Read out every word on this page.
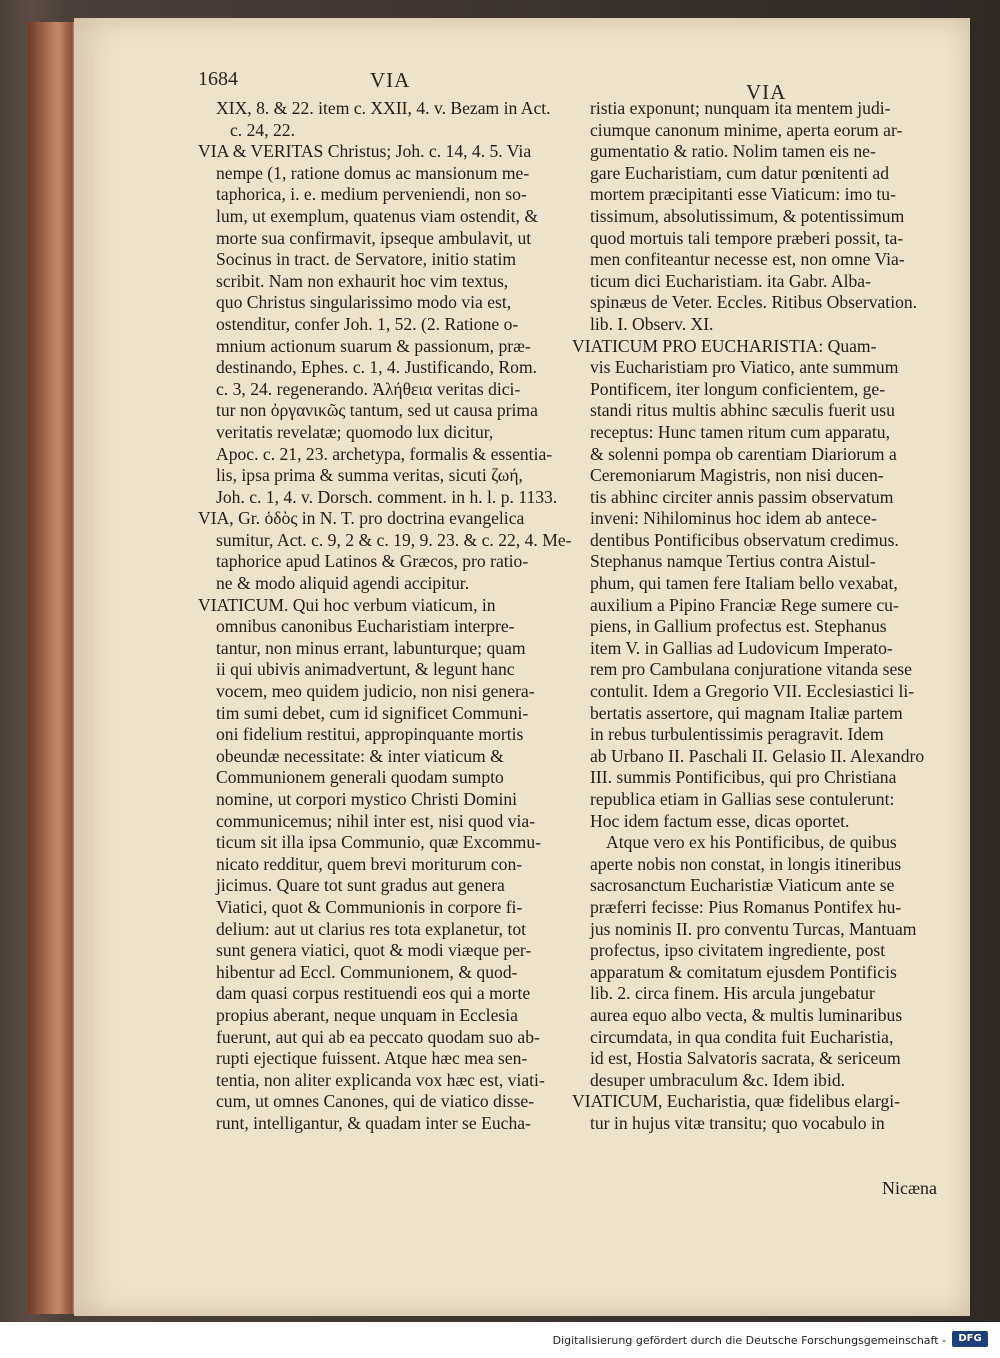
1684	VIA	VIA
XIX, 8. & 22. item c. XXII, 4. v. Bezam in Act.
c. 24, 22.
VIA & VERITAS Christus; Joh. c. 14, 4. 5. Via
nempe (1, ratione domus ac mansionum me-
taphorica, i. e. medium perveniendi, non so-
lum, ut exemplum, quatenus viam ostendit, &
morte sua confirmavit, ipseque ambulavit, ut
Socinus in tract. de Servatore, initio statim
scribit. Nam non exhaurit hoc vim textus,
quo Christus singularissimo modo via est,
ostenditur, confer Joh. 1, 52. (2. Ratione o-
mnium actionum suarum & passionum, præ-
destinando, Ephes. c. 1, 4. Justificando, Rom.
c. 3, 24. regenerando. Ἀλήθεια veritas dici-
tur non ὀργανικῶς tantum, sed ut causa prima
veritatis revelatæ; quomodo lux dicitur,
Apoc. c. 21, 23. archetypa, formalis & essentia-
lis, ipsa prima & summa veritas, sicuti ζωή,
Joh. c. 1, 4. v. Dorsch. comment. in h. l. p. 1133.
VIA, Gr. ὁδὸς in N. T. pro doctrina evangelica
sumitur, Act. c. 9, 2 & c. 19, 9. 23. & c. 22, 4. Me-
taphorice apud Latinos & Græcos, pro ratio-
ne & modo aliquid agendi accipitur.
VIATICUM. Qui hoc verbum viaticum, in
omnibus canonibus Eucharistiam interpre-
tantur, non minus errant, labunturque; quam
ii qui ubivis animadvertunt, & legunt hanc
vocem, meo quidem judicio, non nisi genera-
tim sumi debet, cum id significet Communi-
oni fidelium restitui, appropinquante mortis
obeundæ necessitate: & inter viaticum &
Communionem generali quodam sumpto
nomine, ut corpori mystico Christi Domini
communicemus; nihil inter est, nisi quod via-
ticum sit illa ipsa Communio, quæ Excommu-
nicato redditur, quem brevi moriturum con-
jicimus. Quare tot sunt gradus aut genera
Viatici, quot & Communionis in corpore fi-
delium: aut ut clarius res tota explanetur, tot
sunt genera viatici, quot & modi viæque per-
hibentur ad Eccl. Communionem, & quod-
dam quasi corpus restituendi eos qui a morte
propius aberant, neque unquam in Ecclesia
fuerunt, aut qui ab ea peccato quodam suo ab-
rupti ejectique fuissent. Atque hæc mea sen-
tentia, non aliter explicanda vox hæc est, viati-
cum, ut omnes Canones, qui de viatico disse-
runt, intelligantur, & quadam inter se Eucha-
ristia exponunt; nunquam ita mentem judi-
ciumque canonum minime, aperta eorum ar-
gumentatio & ratio. Nolim tamen eis ne-
gare Eucharistiam, cum datur pœnitenti ad
mortem præcipitanti esse Viaticum: imo tu-
tissimum, absolutissimum, & potentissimum
quod mortuis tali tempore præberi possit, ta-
men confiteantur necesse est, non omne Via-
ticum dici Eucharistiam. ita Gabr. Alba-
spinæus de Veter. Eccles. Ritibus Observation.
lib. I. Observ. XI.
VIATICUM PRO EUCHARISTIA: Quam-
vis Eucharistiam pro Viatico, ante summum
Pontificem, iter longum conficientem, ge-
standi ritus multis abhinc sæculis fuerit usu
receptus: Hunc tamen ritum cum apparatu,
& solenni pompa ob carentiam Diariorum a
Ceremoniarum Magistris, non nisi ducen-
tis abhinc circiter annis passim observatum
inveni: Nihilominus hoc idem ab antece-
dentibus Pontificibus observatum credimus.
Stephanus namque Tertius contra Aistul-
phum, qui tamen fere Italiam bello vexabat,
auxilium a Pipino Franciæ Rege sumere cu-
piens, in Gallium profectus est. Stephanus
item V. in Gallias ad Ludovicum Imperato-
rem pro Cambulana conjuratione vitanda sese
contulit. Idem a Gregorio VII. Ecclesiastici li-
bertatis assertore, qui magnam Italiæ partem
in rebus turbulentissimis peragravit. Idem
ab Urbano II. Paschali II. Gelasio II. Alexandro
III. summis Pontificibus, qui pro Christiana
republica etiam in Gallias sese contulerunt:
Hoc idem factum esse, dicas oportet.
Atque vero ex his Pontificibus, de quibus
aperte nobis non constat, in longis itineribus
sacrosanctum Eucharistiæ Viaticum ante se
præferri fecisse: Pius Romanus Pontifex hu-
jus nominis II. pro conventu Turcas, Mantuam
profectus, ipso civitatem ingrediente, post
apparatum & comitatum ejusdem Pontificis
lib. 2. circa finem. His arcula jungebatur
aurea equo albo vecta, & multis luminaribus
circumdata, in qua condita fuit Eucharistia,
id est, Hostia Salvatoris sacrata, & sericeum
desuper umbraculum &c. Idem ibid.
VIATICUM, Eucharistia, quæ fidelibus elargi-
tur in hujus vitæ transitu; quo vocabulo in
Nicæna
Digitalisierung gefördert durch die Deutsche Forschungsgemeinschaft -	DFG
